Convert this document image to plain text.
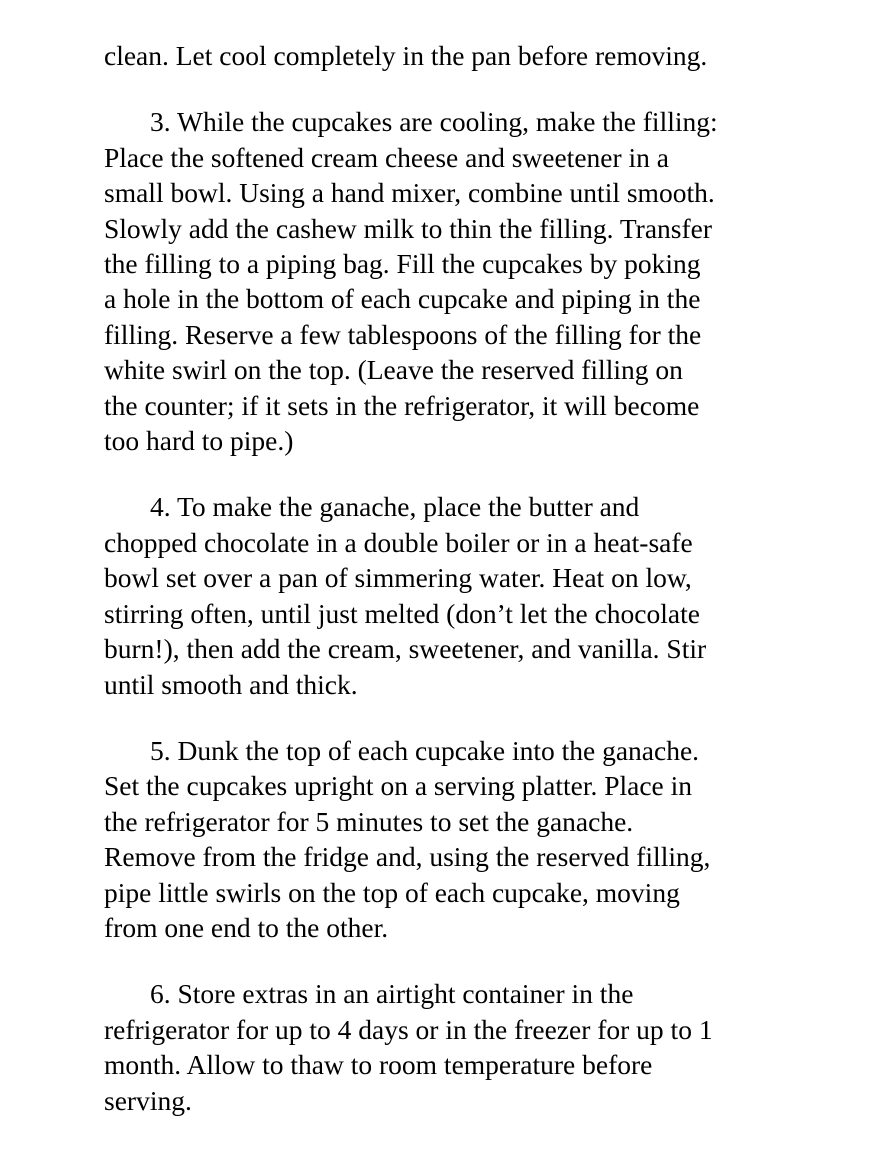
clean. Let cool completely in the pan before removing.

3. While the cupcakes are cooling, make the filling:
Place the softened cream cheese and sweetener in a
small bowl. Using a hand mixer, combine until smooth.
Slowly add the cashew milk to thin the filling. Transfer
the filling to a piping bag. Fill the cupcakes by poking
a hole in the bottom of each cupcake and piping in the
filling. Reserve a few tablespoons of the filling for the
white swirl on the top. (Leave the reserved filling on
the counter; if it sets in the refrigerator, it will become
too hard to pipe.)

4. To make the ganache, place the butter and
chopped chocolate in a double boiler or in a heat-safe
bowl set over a pan of simmering water. Heat on low,
stirring often, until just melted (don’t let the chocolate
burn!), then add the cream, sweetener, and vanilla. Stir
until smooth and thick.

5. Dunk the top of each cupcake into the ganache.
Set the cupcakes upright on a serving platter. Place in
the refrigerator for 5 minutes to set the ganache.
Remove from the fridge and, using the reserved filling,
pipe little swirls on the top of each cupcake, moving
from one end to the other.

6. Store extras in an airtight container in the
refrigerator for up to 4 days or in the freezer for up to 1
month. Allow to thaw to room temperature before
serving.
